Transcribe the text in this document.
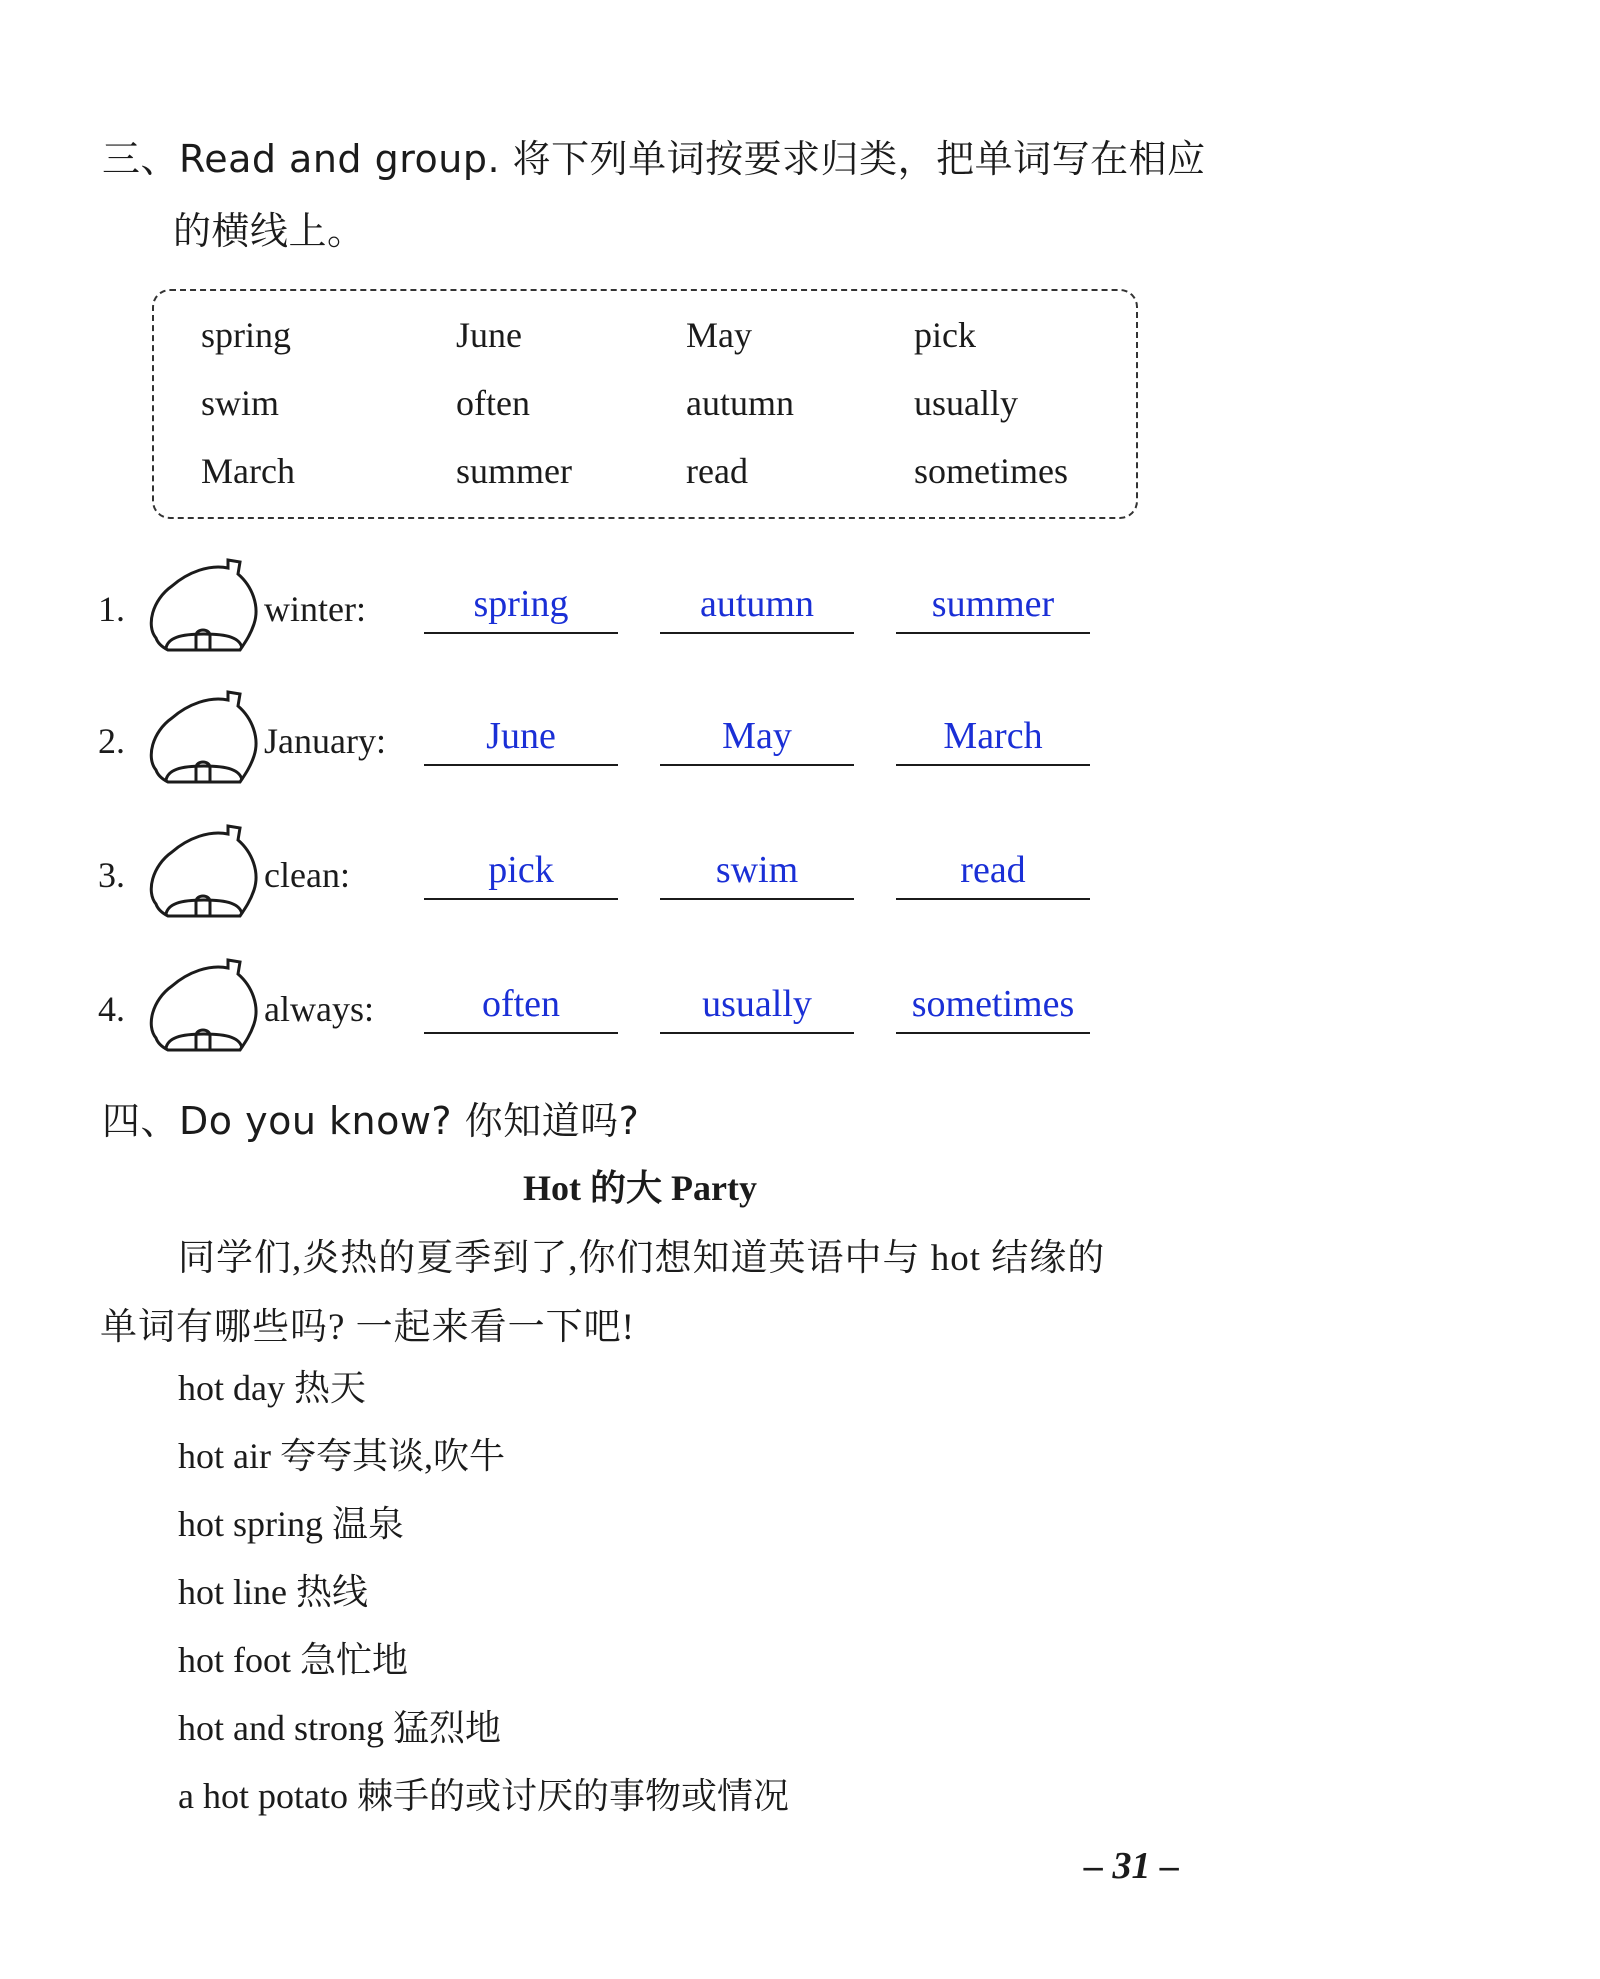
三、Read and group. 将下列单词按要求归类，把单词写在相应
的横线上。
spring	June	May	pick
swim	often	autumn	usually
March	summer	read	sometimes
1.	winter:	spring	autumn	summer
2.	January:	June	May	March
3.	clean:	pick	swim	read
4.	always:	often	usually	sometimes
四、Do you know? 你知道吗?
Hot 的大 Party
同学们,炎热的夏季到了,你们想知道英语中与 hot 结缘的
单词有哪些吗? 一起来看一下吧!
hot day 热天
hot air 夸夸其谈,吹牛
hot spring 温泉
hot line 热线
hot foot 急忙地
hot and strong 猛烈地
a hot potato 棘手的或讨厌的事物或情况
– 31 –
